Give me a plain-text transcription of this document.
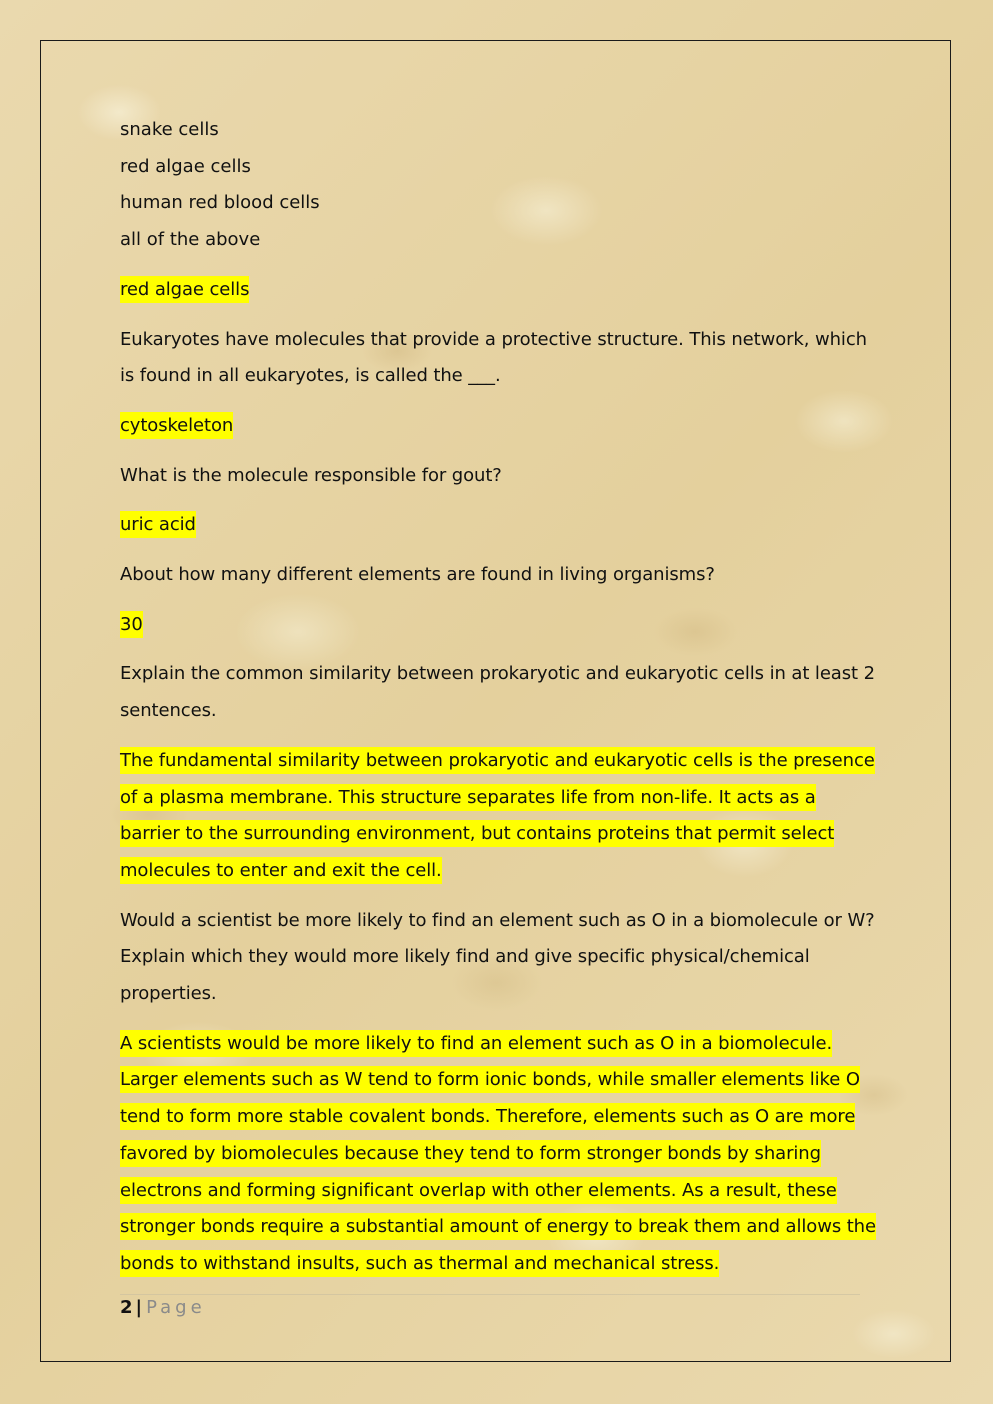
snake cells

red algae cells

human red blood cells

all of the above

red algae cells

Eukaryotes have molecules that provide a protective structure. This network, which is found in all eukaryotes, is called the ___.

cytoskeleton

What is the molecule responsible for gout?

uric acid

About how many different elements are found in living organisms?

30

Explain the common similarity between prokaryotic and eukaryotic cells in at least 2 sentences.

The fundamental similarity between prokaryotic and eukaryotic cells is the presence of a plasma membrane. This structure separates life from non-life. It acts as a barrier to the surrounding environment, but contains proteins that permit select molecules to enter and exit the cell.

Would a scientist be more likely to find an element such as O in a biomolecule or W? Explain which they would more likely find and give specific physical/chemical properties.

A scientists would be more likely to find an element such as O in a biomolecule. Larger elements such as W tend to form ionic bonds, while smaller elements like O tend to form more stable covalent bonds. Therefore, elements such as O are more favored by biomolecules because they tend to form stronger bonds by sharing electrons and forming significant overlap with other elements. As a result, these stronger bonds require a substantial amount of energy to break them and allows the bonds to withstand insults, such as thermal and mechanical stress.

2 | Page
